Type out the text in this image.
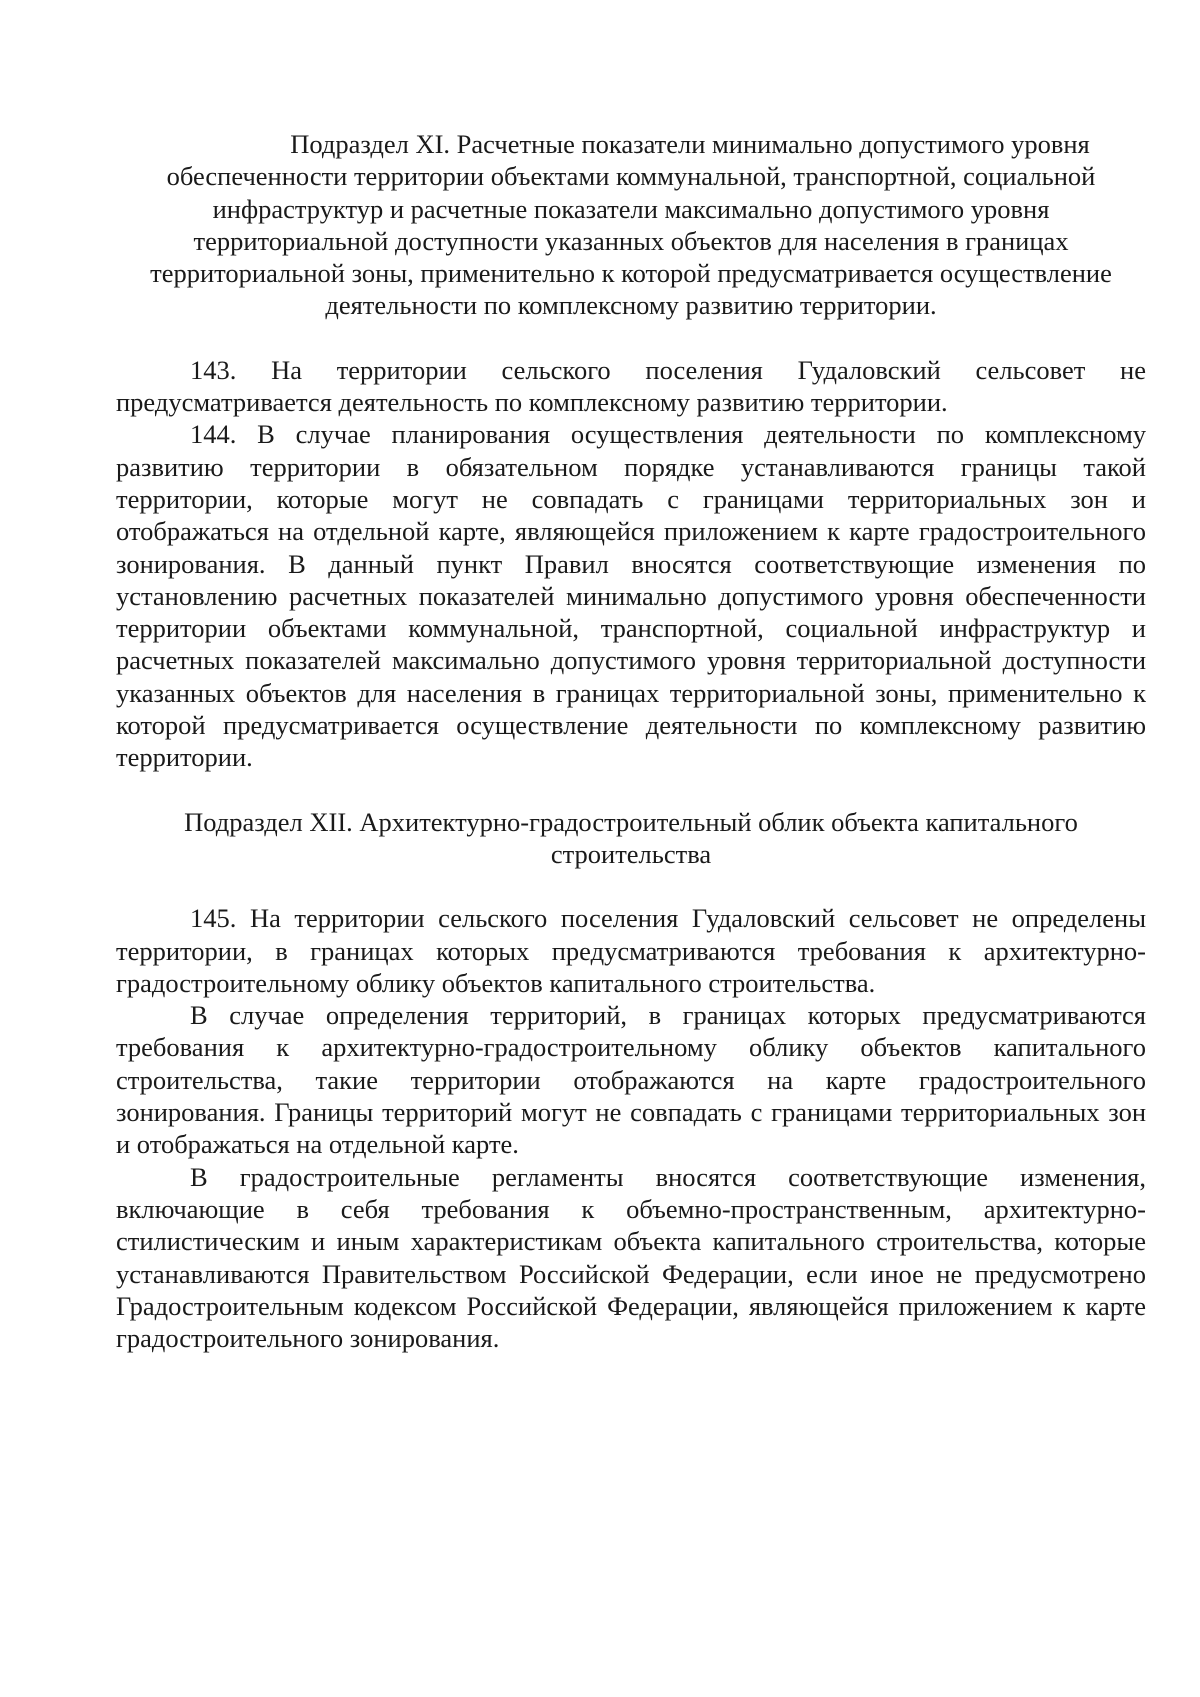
Подраздел XI. Расчетные показатели минимально допустимого уровня обеспеченности территории объектами коммунальной, транспортной, социальной инфраструктур и расчетные показатели максимально допустимого уровня территориальной доступности указанных объектов для населения в границах территориальной зоны, применительно к которой предусматривается осуществление деятельности по комплексному развитию территории.

143. На территории сельского поселения Гудаловский сельсовет не предусматривается деятельность по комплексному развитию территории.

144. В случае планирования осуществления деятельности по комплексному развитию территории в обязательном порядке устанавливаются границы такой территории, которые могут не совпадать с границами территориальных зон и отображаться на отдельной карте, являющейся приложением к карте градостроительного зонирования. В данный пункт Правил вносятся соответствующие изменения по установлению расчетных показателей минимально допустимого уровня обеспеченности территории объектами коммунальной, транспортной, социальной инфраструктур и расчетных показателей максимально допустимого уровня территориальной доступности указанных объектов для населения в границах территориальной зоны, применительно к которой предусматривается осуществление деятельности по комплексному развитию территории.

Подраздел XII. Архитектурно-градостроительный облик объекта капитального строительства

145. На территории сельского поселения Гудаловский сельсовет не определены территории, в границах которых предусматриваются требования к архитектурно-градостроительному облику объектов капитального строительства.

В случае определения территорий, в границах которых предусматриваются требования к архитектурно-градостроительному облику объектов капитального строительства, такие территории отображаются на карте градостроительного зонирования. Границы территорий могут не совпадать с границами территориальных зон и отображаться на отдельной карте.

В градостроительные регламенты вносятся соответствующие изменения, включающие в себя требования к объемно-пространственным, архитектурно-стилистическим и иным характеристикам объекта капитального строительства, которые устанавливаются Правительством Российской Федерации, если иное не предусмотрено Градостроительным кодексом Российской Федерации, являющейся приложением к карте градостроительного зонирования.
